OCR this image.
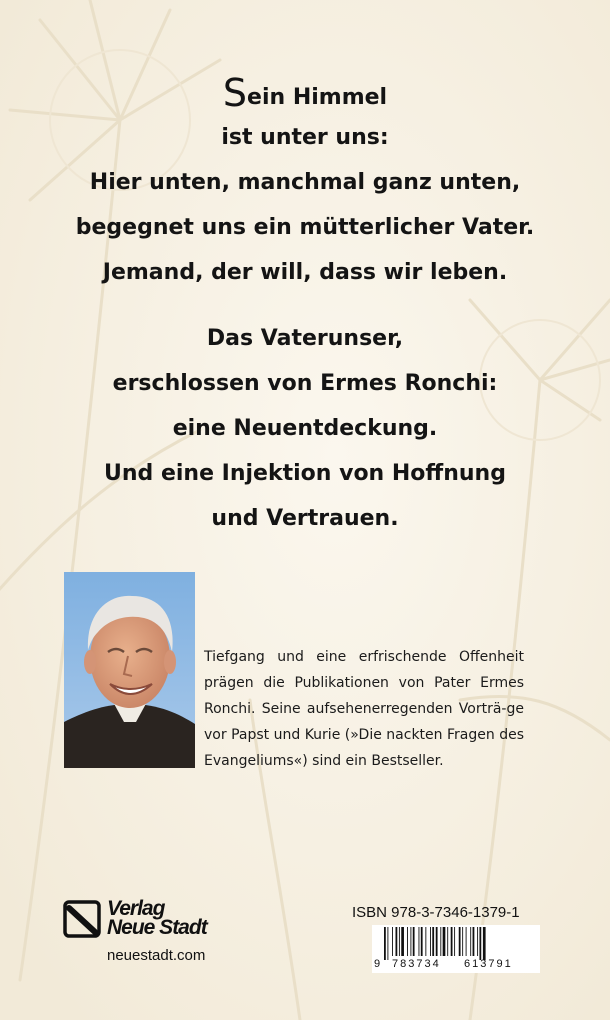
Sein Himmel
ist unter uns:
Hier unten, manchmal ganz unten,
begegnet uns ein mütterlicher Vater.
Jemand, der will, dass wir leben.
Das Vaterunser,
erschlossen von Ermes Ronchi:
eine Neuentdeckung.
Und eine Injektion von Hoffnung
und Vertrauen.
Tiefgang und eine erfrischende Offenheit prägen die Publikationen von Pater Ermes Ronchi. Seine aufsehenerregenden Vorträ-ge vor Papst und Kurie (»Die nackten Fragen des Evangeliums«) sind ein Bestseller.
Verlag
Neue Stadt
neuestadt.com
ISBN 978-3-7346-1379-1
9 783734 613791
